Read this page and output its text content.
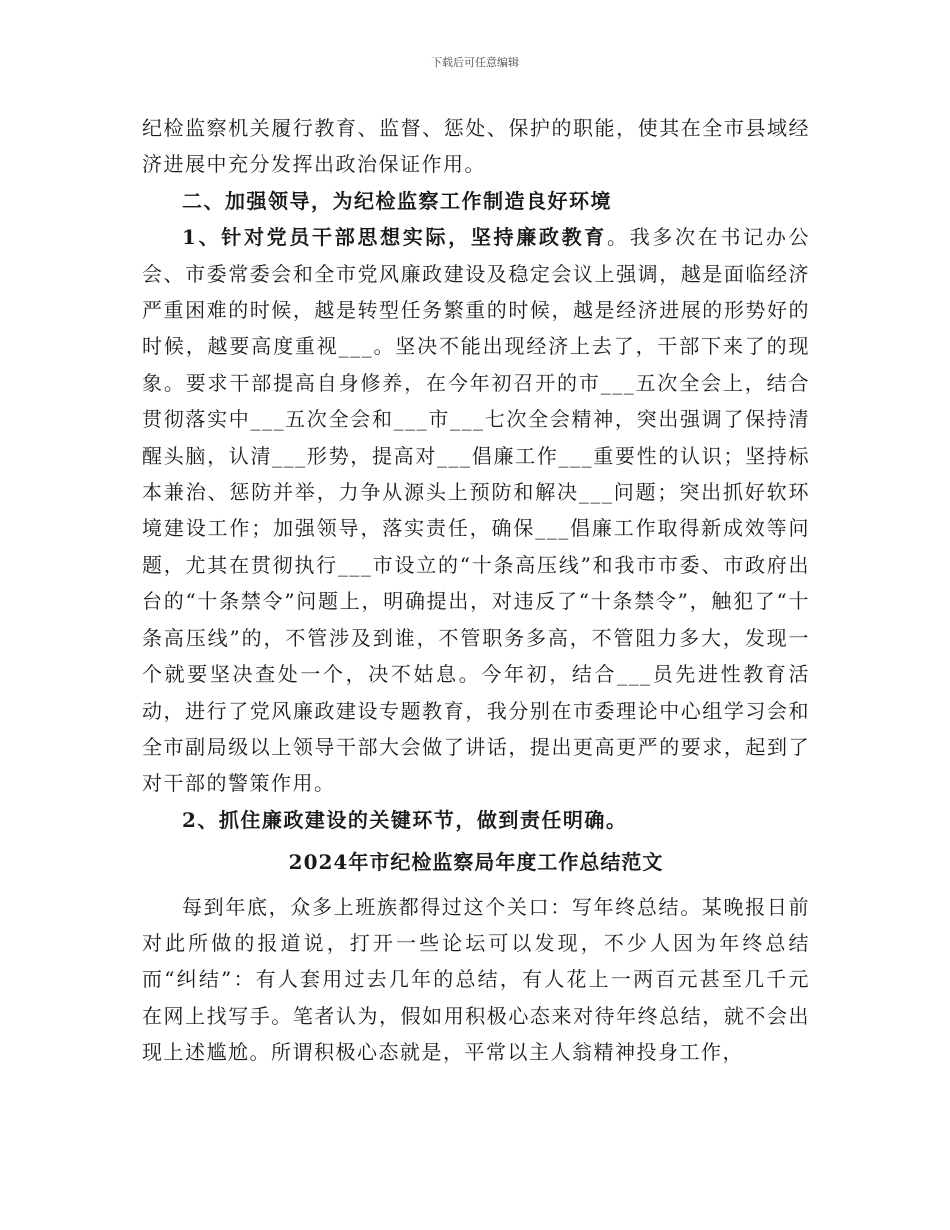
下载后可任意编辑

纪检监察机关履行教育、监督、惩处、保护的职能，使其在全市县域经济进展中充分发挥出政治保证作用。

二、加强领导，为纪检监察工作制造良好环境

1、针对党员干部思想实际，坚持廉政教育。我多次在书记办公会、市委常委会和全市党风廉政建设及稳定会议上强调，越是面临经济严重困难的时候，越是转型任务繁重的时候，越是经济进展的形势好的时候，越要高度重视___。坚决不能出现经济上去了，干部下来了的现象。要求干部提高自身修养，在今年初召开的市___五次全会上，结合贯彻落实中___五次全会和___市___七次全会精神，突出强调了保持清醒头脑，认清___形势，提高对___倡廉工作___重要性的认识；坚持标本兼治、惩防并举，力争从源头上预防和解决___问题；突出抓好软环境建设工作；加强领导，落实责任，确保___倡廉工作取得新成效等问题，尤其在贯彻执行___市设立的“十条高压线”和我市市委、市政府出台的“十条禁令”问题上，明确提出，对违反了“十条禁令”，触犯了“十条高压线”的，不管涉及到谁，不管职务多高，不管阻力多大，发现一个就要坚决查处一个，决不姑息。今年初，结合___员先进性教育活动，进行了党风廉政建设专题教育，我分别在市委理论中心组学习会和全市副局级以上领导干部大会做了讲话，提出更高更严的要求，起到了对干部的警策作用。

2、抓住廉政建设的关键环节，做到责任明确。

2024年市纪检监察局年度工作总结范文

每到年底，众多上班族都得过这个关口：写年终总结。某晚报日前对此所做的报道说，打开一些论坛可以发现，不少人因为年终总结而“纠结”：有人套用过去几年的总结，有人花上一两百元甚至几千元在网上找写手。笔者认为，假如用积极心态来对待年终总结，就不会出现上述尴尬。所谓积极心态就是，平常以主人翁精神投身工作，
